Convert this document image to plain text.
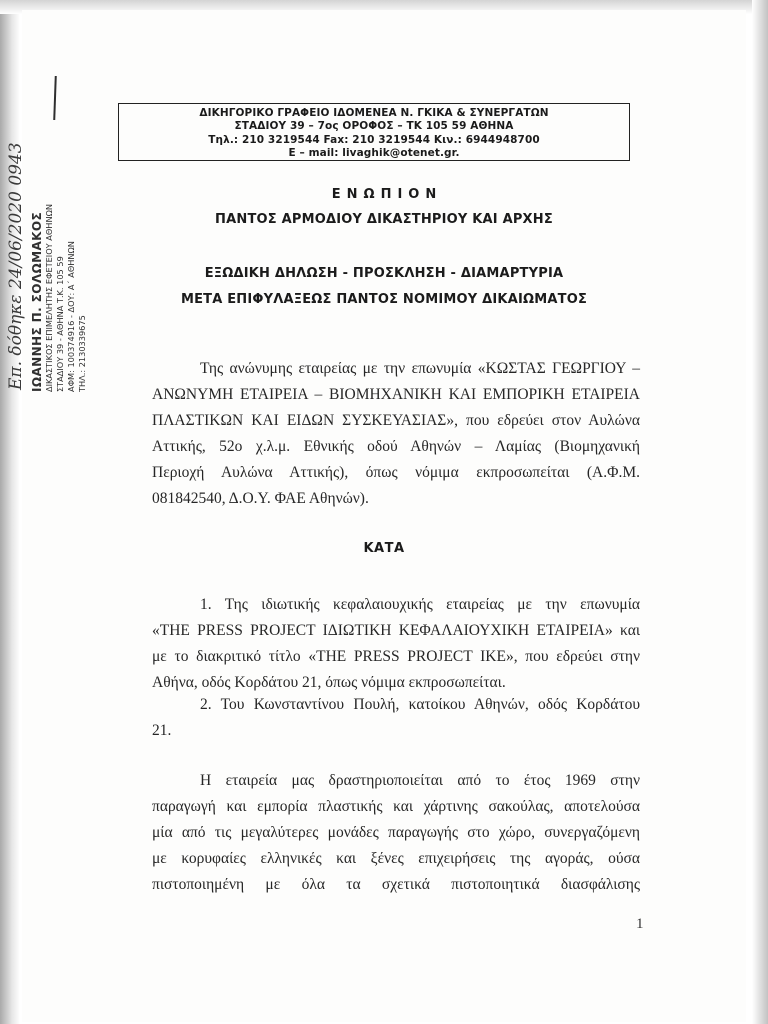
Επ. δόθηκε 24/06/2020 0943 ΙΩΑΝΝΗΣ Π. ΣΟΛΩΜΑΚΟΣ ΔΙΚΑΣΤΙΚΟΣ ΕΠΙΜΕΛΗΤΗΣ ΕΦΕΤΕΙΟΥ ΑΘΗΝΩΝ ΣΤΑΔΙΟΥ 39 - ΑΘΗΝΑ Τ.Κ. 105 59 ΑΦΜ: 100374916 - ΔΟΥ: Α΄ ΑΘΗΝΩΝ ΤΗΛ.: 2130339675
ΔΙΚΗΓΟΡΙΚΟ ΓΡΑΦΕΙΟ ΙΔΟΜΕΝΕΑ Ν. ΓΚΙΚΑ & ΣΥΝΕΡΓΑΤΩΝ
ΣΤΑΔΙΟΥ 39 – 7ος ΟΡΟΦΟΣ – ΤΚ 105 59 ΑΘΗΝΑ
Τηλ.: 210 3219544 Fax: 210 3219544 Κιν.: 6944948700
E – mail: livaghik@otenet.gr.
ΕΝΩΠΙΟΝ
ΠΑΝΤΟΣ ΑΡΜΟΔΙΟΥ ΔΙΚΑΣΤΗΡΙΟΥ ΚΑΙ ΑΡΧΗΣ
ΕΞΩΔΙΚΗ ΔΗΛΩΣΗ - ΠΡΟΣΚΛΗΣΗ - ΔΙΑΜΑΡΤΥΡΙΑ
ΜΕΤΑ ΕΠΙΦΥΛΑΞΕΩΣ ΠΑΝΤΟΣ ΝΟΜΙΜΟΥ ΔΙΚΑΙΩΜΑΤΟΣ
Της ανώνυμης εταιρείας με την επωνυμία «ΚΩΣΤΑΣ ΓΕΩΡΓΙΟΥ –
ΑΝΩΝΥΜΗ ΕΤΑΙΡΕΙΑ – ΒΙΟΜΗΧΑΝΙΚΗ ΚΑΙ ΕΜΠΟΡΙΚΗ ΕΤΑΙΡΕΙΑ
ΠΛΑΣΤΙΚΩΝ ΚΑΙ ΕΙΔΩΝ ΣΥΣΚΕΥΑΣΙΑΣ», που εδρεύει στον Αυλώνα
Αττικής, 52ο χ.λ.μ. Εθνικής οδού Αθηνών – Λαμίας (Βιομηχανική
Περιοχή Αυλώνα Αττικής), όπως νόμιμα εκπροσωπείται (Α.Φ.Μ.
081842540, Δ.Ο.Υ. ΦΑΕ Αθηνών).
ΚΑΤΑ
1. Της ιδιωτικής κεφαλαιουχικής εταιρείας με την επωνυμία
«THE PRESS PROJECT ΙΔΙΩΤΙΚΗ ΚΕΦΑΛΑΙΟΥΧΙΚΗ ΕΤΑΙΡΕΙΑ» και
με το διακριτικό τίτλο «THE PRESS PROJECT IKE», που εδρεύει στην
Αθήνα, οδός Κορδάτου 21, όπως νόμιμα εκπροσωπείται.
2. Του Κωνσταντίνου Πουλή, κατοίκου Αθηνών, οδός Κορδάτου
21.
Η εταιρεία μας δραστηριοποιείται από το έτος 1969 στην
παραγωγή και εμπορία πλαστικής και χάρτινης σακούλας, αποτελούσα
μία από τις μεγαλύτερες μονάδες παραγωγής στο χώρο, συνεργαζόμενη
με κορυφαίες ελληνικές και ξένες επιχειρήσεις της αγοράς, ούσα
πιστοποιημένη με όλα τα σχετικά πιστοποιητικά διασφάλισης
1
